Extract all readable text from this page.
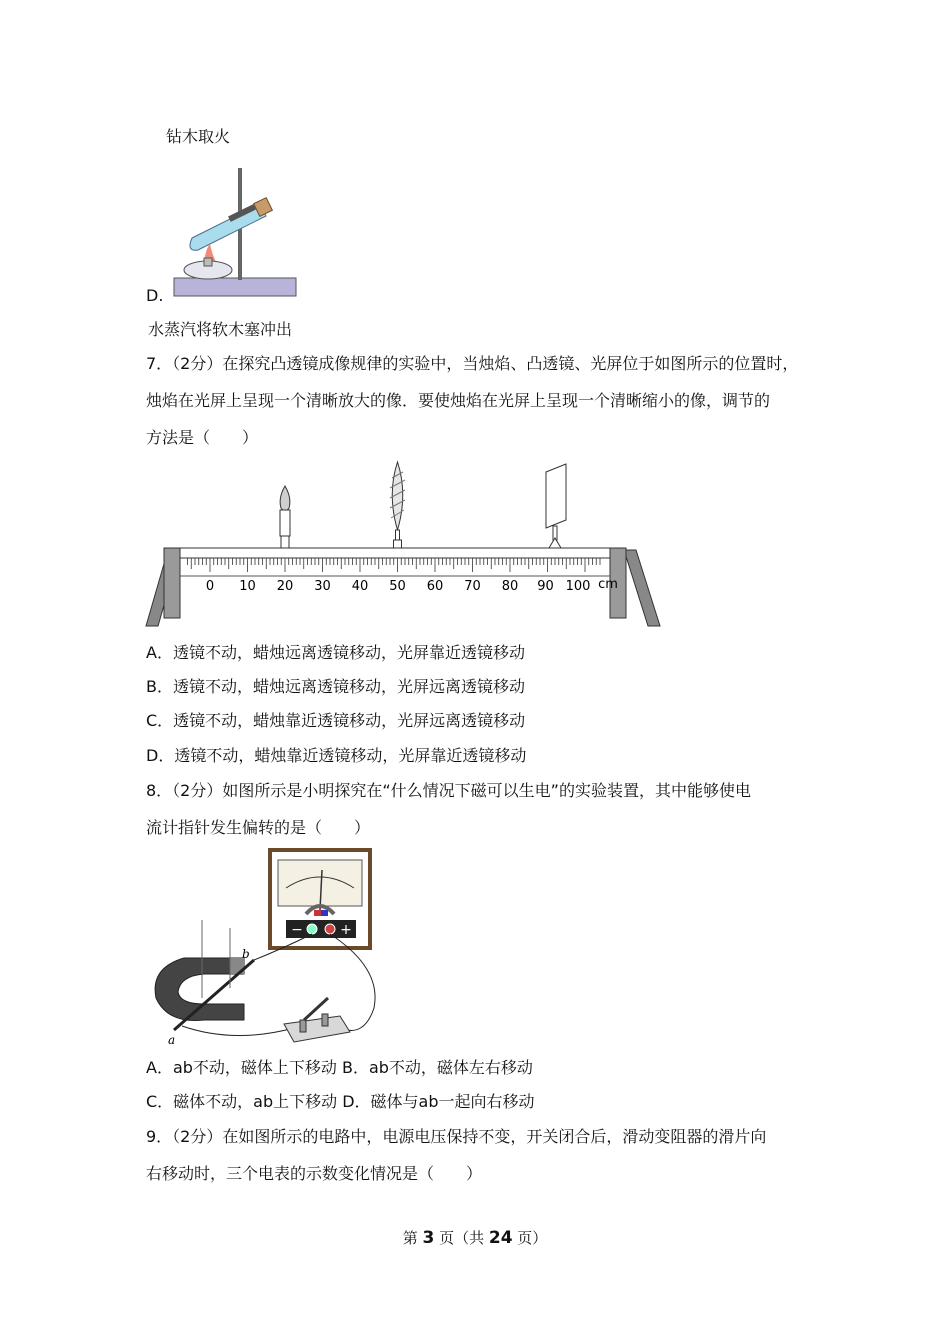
钻木取火
D.
水蒸汽将软木塞冲出
7．（2分）在探究凸透镜成像规律的实验中，当烛焰、凸透镜、光屏位于如图所示的位置时，
烛焰在光屏上呈现一个清晰放大的像．要使烛焰在光屏上呈现一个清晰缩小的像，调节的
方法是（　　）
0 10 20 30 40 50 60 70 80 90 100 cm
A．透镜不动，蜡烛远离透镜移动，光屏靠近透镜移动
B．透镜不动，蜡烛远离透镜移动，光屏远离透镜移动
C．透镜不动，蜡烛靠近透镜移动，光屏远离透镜移动
D．透镜不动，蜡烛靠近透镜移动，光屏靠近透镜移动
8．（2分）如图所示是小明探究在“什么情况下磁可以生电”的实验装置，其中能够使电
流计指针发生偏转的是（　　）
−	+
b
a
A．ab不动，磁体上下移动 B．ab不动，磁体左右移动
C．磁体不动，ab上下移动 D．磁体与ab一起向右移动
9．（2分）在如图所示的电路中，电源电压保持不变，开关闭合后，滑动变阻器的滑片向
右移动时，三个电表的示数变化情况是（　　）
第 3 页（共 24 页）
